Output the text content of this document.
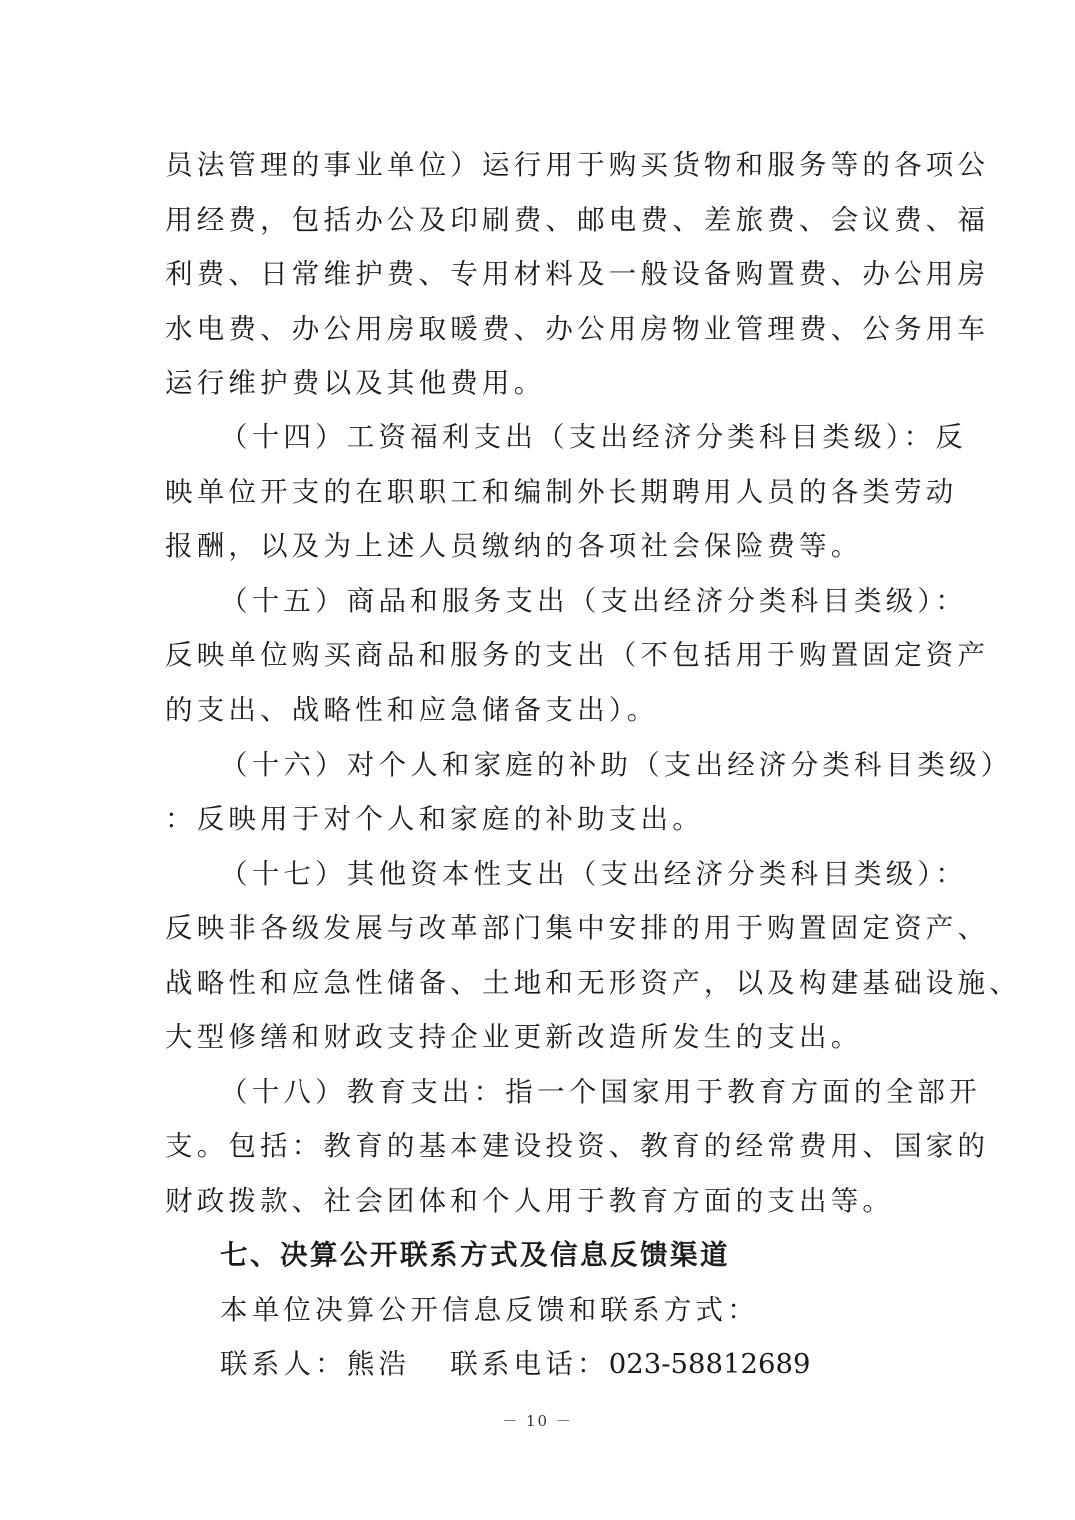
员法管理的事业单位）运行用于购买货物和服务等的各项公
用经费，包括办公及印刷费、邮电费、差旅费、会议费、福
利费、日常维护费、专用材料及一般设备购置费、办公用房
水电费、办公用房取暖费、办公用房物业管理费、公务用车
运行维护费以及其他费用。
（十四）工资福利支出（支出经济分类科目类级）：反
映单位开支的在职职工和编制外长期聘用人员的各类劳动
报酬，以及为上述人员缴纳的各项社会保险费等。
（十五）商品和服务支出（支出经济分类科目类级）：
反映单位购买商品和服务的支出（不包括用于购置固定资产
的支出、战略性和应急储备支出）。
（十六）对个人和家庭的补助（支出经济分类科目类级）
：反映用于对个人和家庭的补助支出。
（十七）其他资本性支出（支出经济分类科目类级）：
反映非各级发展与改革部门集中安排的用于购置固定资产、
战略性和应急性储备、土地和无形资产，以及构建基础设施、
大型修缮和财政支持企业更新改造所发生的支出。
（十八）教育支出：指一个国家用于教育方面的全部开
支。包括：教育的基本建设投资、教育的经常费用、国家的
财政拨款、社会团体和个人用于教育方面的支出等。
七、决算公开联系方式及信息反馈渠道
本单位决算公开信息反馈和联系方式：
联系人：熊浩 联系电话：023-58812689
－ 10 －
